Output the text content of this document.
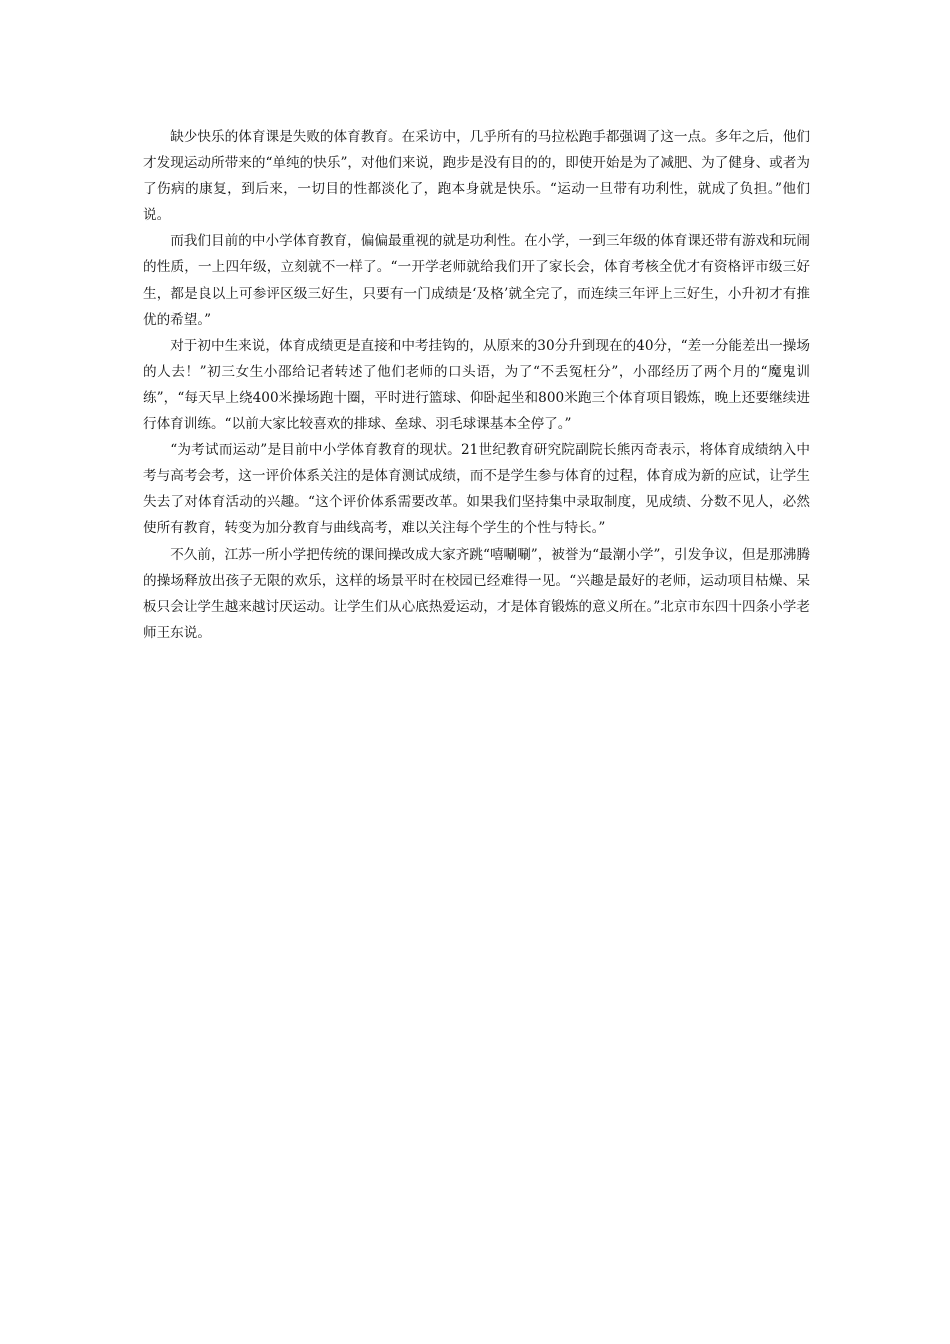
缺少快乐的体育课是失败的体育教育。在采访中，几乎所有的马拉松跑手都强调了这一点。多年之后，他们才发现运动所带来的“单纯的快乐”，对他们来说，跑步是没有目的的，即使开始是为了减肥、为了健身、或者为了伤病的康复，到后来，一切目的性都淡化了，跑本身就是快乐。“运动一旦带有功利性，就成了负担。”他们说。

而我们目前的中小学体育教育，偏偏最重视的就是功利性。在小学，一到三年级的体育课还带有游戏和玩闹的性质，一上四年级，立刻就不一样了。“一开学老师就给我们开了家长会，体育考核全优才有资格评市级三好生，都是良以上可参评区级三好生，只要有一门成绩是‘及格’就全完了，而连续三年评上三好生，小升初才有推优的希望。”

对于初中生来说，体育成绩更是直接和中考挂钩的，从原来的30分升到现在的40分，“差一分能差出一操场的人去！”初三女生小邵给记者转述了他们老师的口头语，为了“不丢冤枉分”，小邵经历了两个月的“魔鬼训练”，“每天早上绕400米操场跑十圈，平时进行篮球、仰卧起坐和800米跑三个体育项目锻炼，晚上还要继续进行体育训练。“以前大家比较喜欢的排球、垒球、羽毛球课基本全停了。”

“为考试而运动”是目前中小学体育教育的现状。21世纪教育研究院副院长熊丙奇表示，将体育成绩纳入中考与高考会考，这一评价体系关注的是体育测试成绩，而不是学生参与体育的过程，体育成为新的应试，让学生失去了对体育活动的兴趣。“这个评价体系需要改革。如果我们坚持集中录取制度，见成绩、分数不见人，必然使所有教育，转变为加分教育与曲线高考，难以关注每个学生的个性与特长。”

不久前，江苏一所小学把传统的课间操改成大家齐跳“嘻唰唰”，被誉为“最潮小学”，引发争议，但是那沸腾的操场释放出孩子无限的欢乐，这样的场景平时在校园已经难得一见。“兴趣是最好的老师，运动项目枯燥、呆板只会让学生越来越讨厌运动。让学生们从心底热爱运动，才是体育锻炼的意义所在。”北京市东四十四条小学老师王东说。
